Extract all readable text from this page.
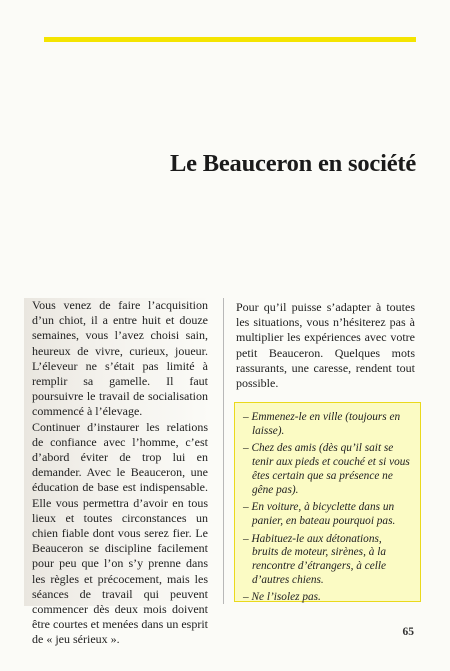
Le Beauceron en société

Vous venez de faire l’acquisition d’un chiot, il a entre huit et douze semaines, vous l’avez choisi sain, heureux de vivre, curieux, joueur. L’éleveur ne s’était pas limité à remplir sa gamelle. Il faut poursuivre le travail de socialisation commencé à l’élevage.

Continuer d’instaurer les relations de confiance avec l’homme, c’est d’abord éviter de trop lui en demander. Avec le Beauceron, une éducation de base est indispensable. Elle vous permettra d’avoir en tous lieux et toutes circonstances un chien fiable dont vous serez fier. Le Beauceron se discipline facilement pour peu que l’on s’y prenne dans les règles et précocement, mais les séances de travail qui peuvent commencer dès deux mois doivent être courtes et menées dans un esprit de « jeu sérieux ».

Pour qu’il puisse s’adapter à toutes les situations, vous n’hésiterez pas à multiplier les expériences avec votre petit Beauceron. Quelques mots rassurants, une caresse, rendent tout possible.

– Emmenez-le en ville (toujours en laisse).
– Chez des amis (dès qu’il sait se tenir aux pieds et couché et si vous êtes certain que sa présence ne gêne pas).
– En voiture, à bicyclette dans un panier, en bateau pourquoi pas.
– Habituez-le aux détonations, bruits de moteur, sirènes, à la rencontre d’étrangers, à celle d’autres chiens.
– Ne l’isolez pas.
65
